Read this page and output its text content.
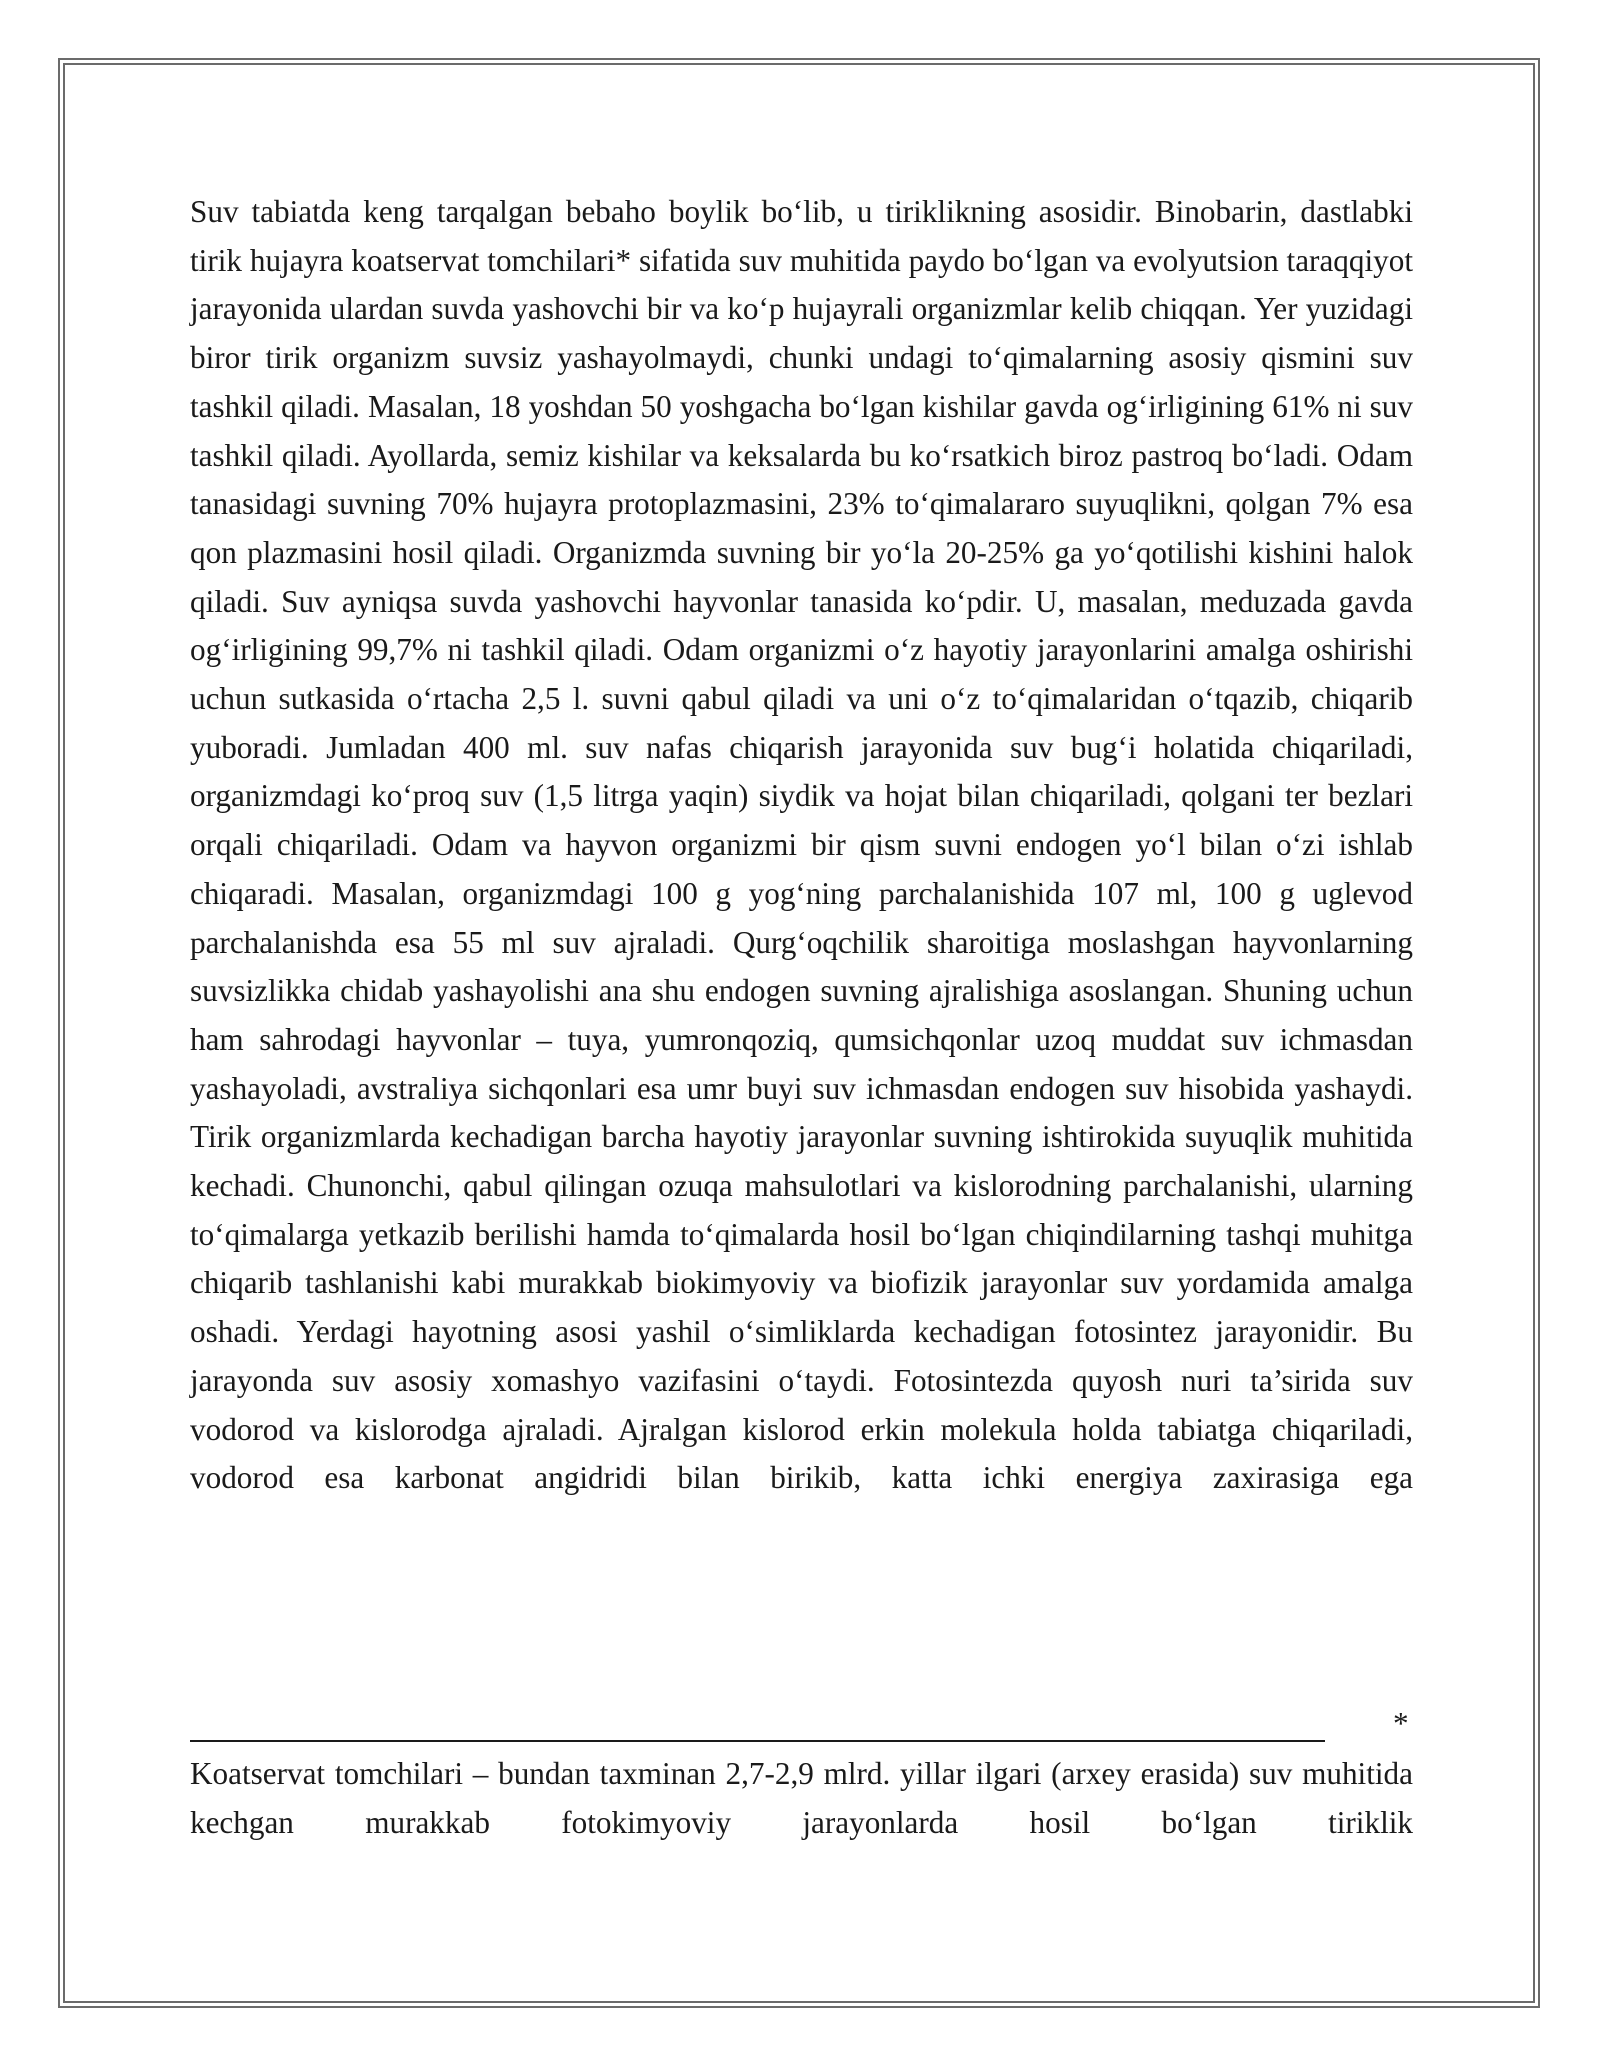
Suv tabiatda keng tarqalgan bebaho boylik bo‘lib, u tiriklikning asosidir. Binobarin, dastlabki tirik hujayra koatservat tomchilari* sifatida suv muhitida paydo bo‘lgan va evolyutsion taraqqiyot jarayonida ulardan suvda yashovchi bir va ko‘p hujayrali organizmlar kelib chiqqan. Yer yuzidagi biror tirik organizm suvsiz yashayolmaydi, chunki undagi to‘qimalarning asosiy qismini suv tashkil qiladi. Masalan, 18 yoshdan 50 yoshgacha bo‘lgan kishilar gavda og‘irligining 61% ni suv tashkil qiladi. Ayollarda, semiz kishilar va keksalarda bu ko‘rsatkich biroz pastroq bo‘ladi. Odam tanasidagi suvning 70% hujayra protoplazmasini, 23% to‘qimalararo suyuqlikni, qolgan 7% esa qon plazmasini hosil qiladi. Organizmda suvning bir yo‘la 20-25% ga yo‘qotilishi kishini halok qiladi. Suv ayniqsa suvda yashovchi hayvonlar tanasida ko‘pdir. U, masalan, meduzada gavda og‘irligining 99,7% ni tashkil qiladi. Odam organizmi o‘z hayotiy jarayonlarini amalga oshirishi uchun sutkasida o‘rtacha 2,5 l. suvni qabul qiladi va uni o‘z to‘qimalaridan o‘tqazib, chiqarib yuboradi. Jumladan 400 ml. suv nafas chiqarish jarayonida suv bug‘i holatida chiqariladi, organizmdagi ko‘proq suv (1,5 litrga yaqin) siydik va hojat bilan chiqariladi, qolgani ter bezlari orqali chiqariladi. Odam va hayvon organizmi bir qism suvni endogen yo‘l bilan o‘zi ishlab chiqaradi. Masalan, organizmdagi 100 g yog‘ning parchalanishida 107 ml, 100 g uglevod parchalanishda esa 55 ml suv ajraladi. Qurg‘oqchilik sharoitiga moslashgan hayvonlarning suvsizlikka chidab yashayolishi ana shu endogen suvning ajralishiga asoslangan. Shuning uchun ham sahrodagi hayvonlar – tuya, yumronqoziq, qumsichqonlar uzoq muddat suv ichmasdan yashayoladi, avstraliya sichqonlari esa umr buyi suv ichmasdan endogen suv hisobida yashaydi. Tirik organizmlarda kechadigan barcha hayotiy jarayonlar suvning ishtirokida suyuqlik muhitida kechadi. Chunonchi, qabul qilingan ozuqa mahsulotlari va kislorodning parchalanishi, ularning to‘qimalarga yetkazib berilishi hamda to‘qimalarda hosil bo‘lgan chiqindilarning tashqi muhitga chiqarib tashlanishi kabi murakkab biokimyoviy va biofizik jarayonlar suv yordamida amalga oshadi. Yerdagi hayotning asosi yashil o‘simliklarda kechadigan fotosintez jarayonidir. Bu jarayonda suv asosiy xomashyo vazifasini o‘taydi. Fotosintezda quyosh nuri ta’sirida suv vodorod va kislorodga ajraladi. Ajralgan kislorod erkin molekula holda tabiatga chiqariladi, vodorod esa karbonat angidridi bilan birikib, katta ichki energiya zaxirasiga ega

*

Koatservat tomchilari – bundan taxminan 2,7-2,9 mlrd. yillar ilgari (arxey erasida) suv muhitida kechgan murakkab fotokimyoviy jarayonlarda hosil bo‘lgan tiriklik
